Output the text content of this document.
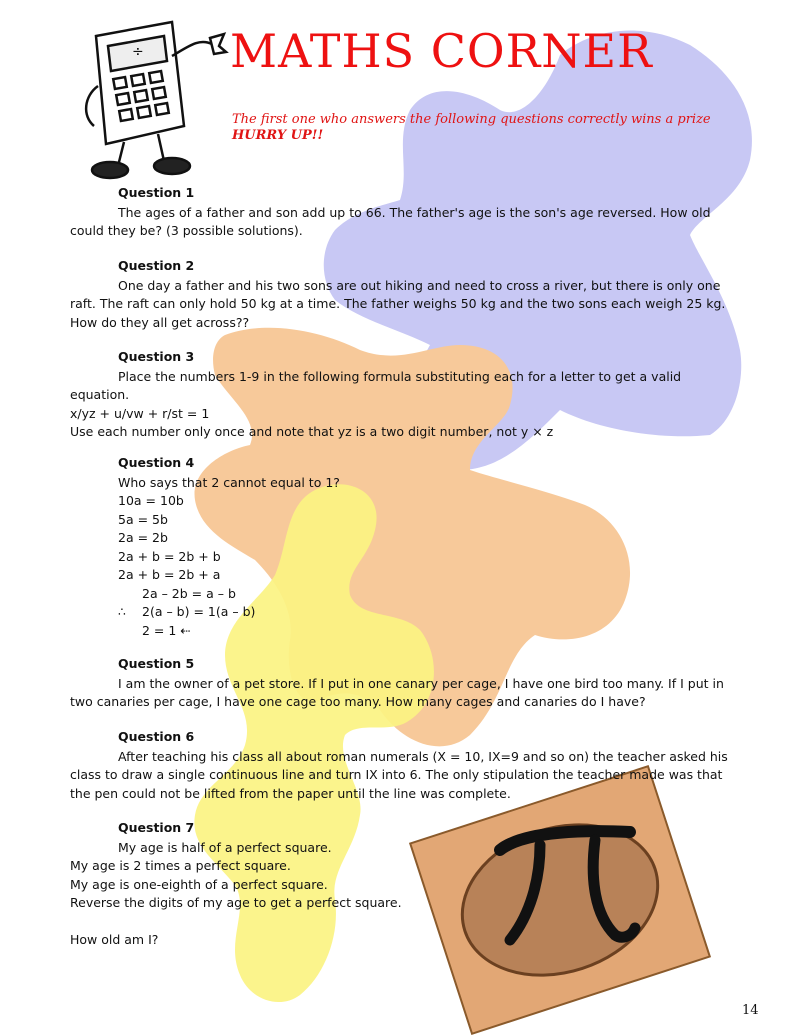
÷ MATHS CORNER
The first one who answers the following questions correctly wins a prize
HURRY UP!!
Question 1

The ages of a father and son add up to 66. The father's age is the son's age reversed. How old could they be? (3 possible solutions).

Question 2

One day a father and his two sons are out hiking and need to cross a river, but there is only one raft. The raft can only hold 50 kg at a time. The father weighs 50 kg and the two sons each weigh 25 kg. How do they all get across??

Question 3

Place the numbers 1-9 in the following formula substituting each for a letter to get a valid equation.

x/yz + u/vw + r/st = 1

Use each number only once and note that yz is a two digit number, not y × z

Question 4

Who says that 2 cannot equal to 1?

10a = 10b

5a = 5b

2a = 2b

2a + b = 2b + b

2a + b = 2b + a

2a – 2b = a – b

∴ 2(a – b) = 1(a – b)

2 = 1 ⇠

Question 5

I am the owner of a pet store. If I put in one canary per cage, I have one bird too many. If I put in two canaries per cage, I have one cage too many. How many cages and canaries do I have?

Question 6

After teaching his class all about roman numerals (X = 10, IX=9 and so on) the teacher asked his class to draw a single continuous line and turn IX into 6. The only stipulation the teacher made was that the pen could not be lifted from the paper until the line was complete.

Question 7

My age is half of a perfect square.

My age is 2 times a perfect square.

My age is one-eighth of a perfect square.

Reverse the digits of my age to get a perfect square.

How old am I?

14
